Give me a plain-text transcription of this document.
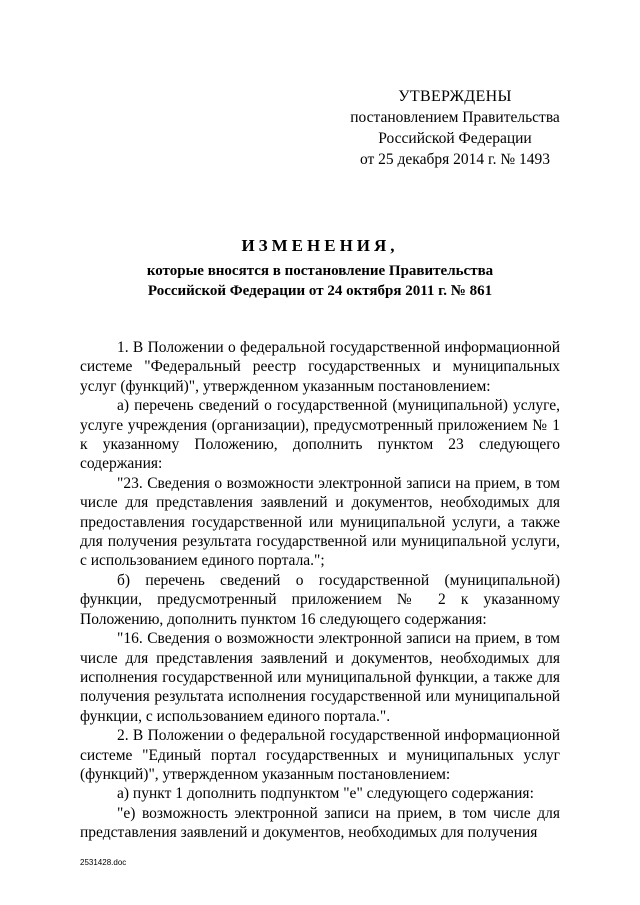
УТВЕРЖДЕНЫ
постановлением Правительства
Российской Федерации
от 25 декабря 2014 г. № 1493
ИЗМЕНЕНИЯ,
которые вносятся в постановление Правительства
Российской Федерации от 24 октября 2011 г. № 861

1. В Положении о федеральной государственной информационной системе "Федеральный реестр государственных и муниципальных услуг (функций)", утвержденном указанным постановлением:

а) перечень сведений о государственной (муниципальной) услуге, услуге учреждения (организации), предусмотренный приложением № 1 к указанному Положению, дополнить пунктом 23 следующего содержания:

"23. Сведения о возможности электронной записи на прием, в том числе для представления заявлений и документов, необходимых для предоставления государственной или муниципальной услуги, а также для получения результата государственной или муниципальной услуги, с использованием единого портала.";

б) перечень сведений о государственной (муниципальной) функции, предусмотренный приложением № 2 к указанному Положению, дополнить пунктом 16 следующего содержания:

"16. Сведения о возможности электронной записи на прием, в том числе для представления заявлений и документов, необходимых для исполнения государственной или муниципальной функции, а также для получения результата исполнения государственной или муниципальной функции, с использованием единого портала.".

2. В Положении о федеральной государственной информационной системе "Единый портал государственных и муниципальных услуг (функций)", утвержденном указанным постановлением:

а) пункт 1 дополнить подпунктом "е" следующего содержания:

"е) возможность электронной записи на прием, в том числе для представления заявлений и документов, необходимых для получения

2531428.doc
